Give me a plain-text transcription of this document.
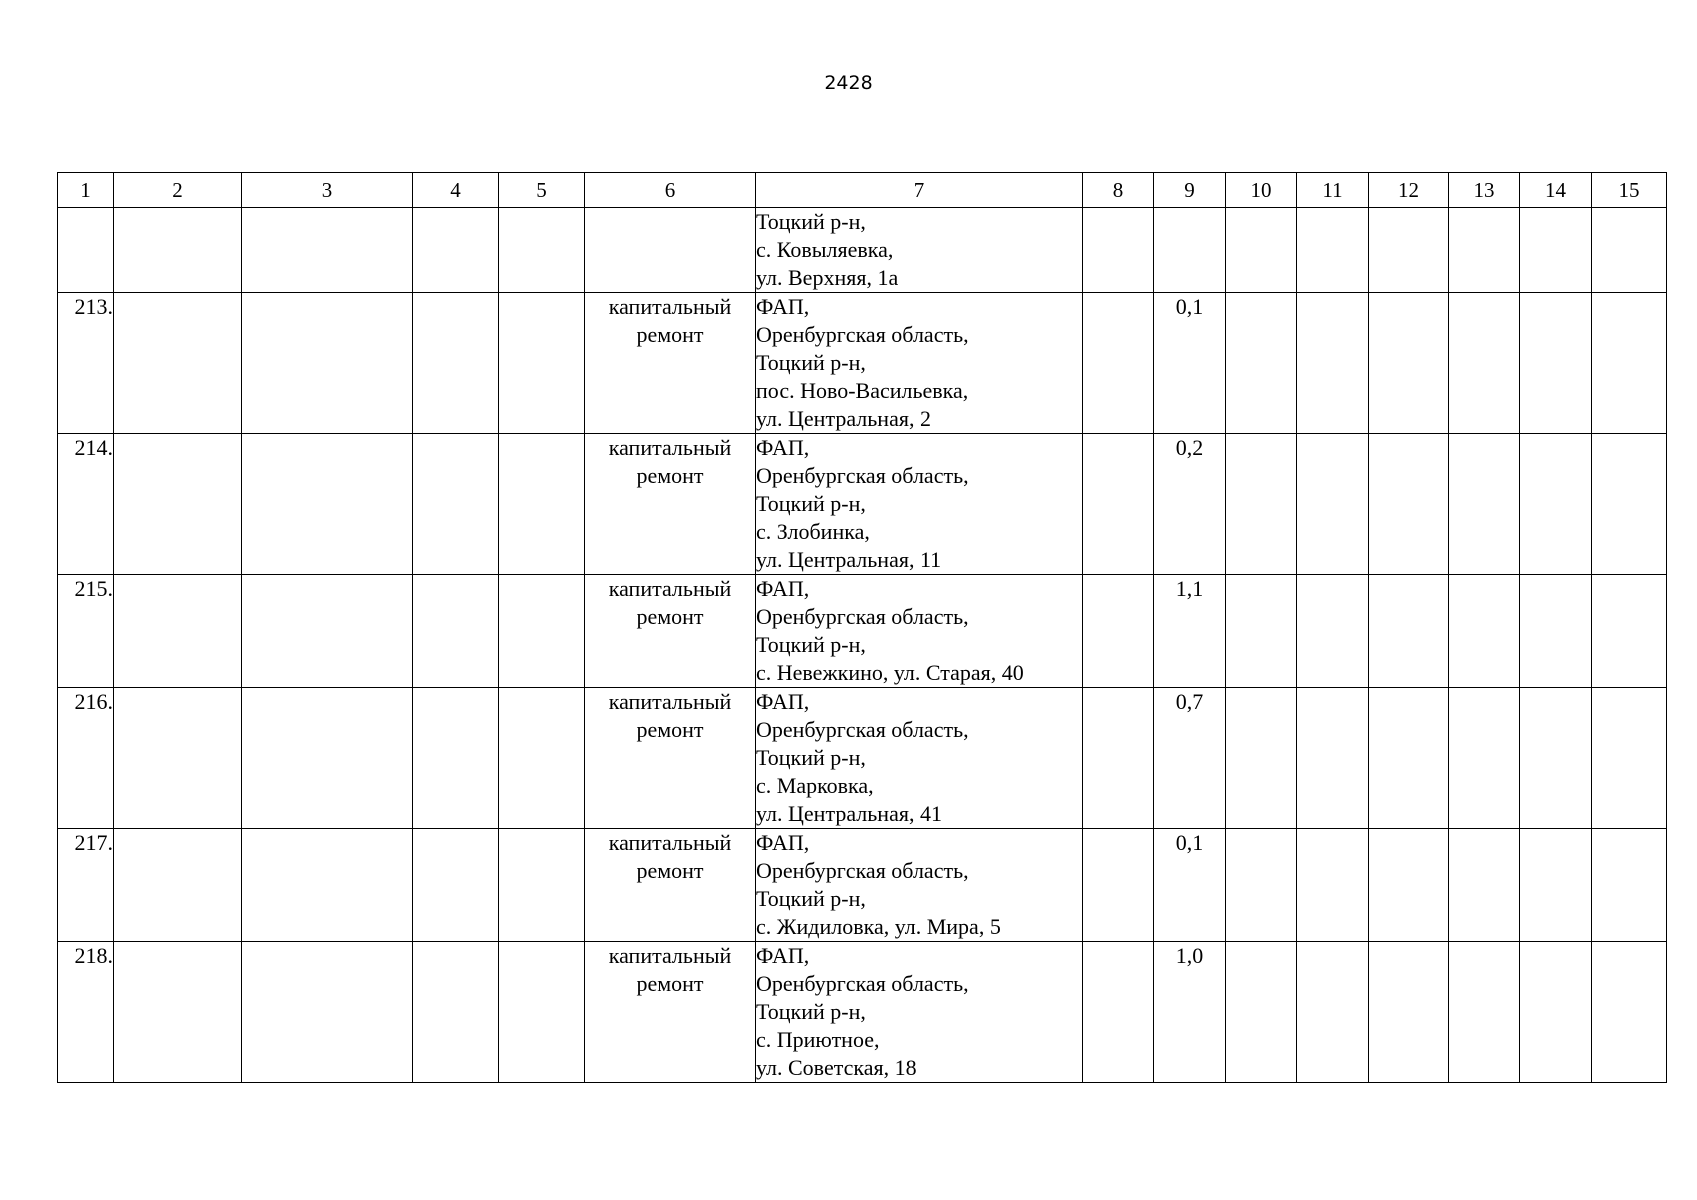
2428
1	2	3	4	5	6	7	8	9	10	11	12	13	14	15

						Тоцкий р-н,
с. Ковыляевка,
ул. Верхняя, 1а								

213.					капитальный
ремонт	ФАП,
Оренбургская область,
Тоцкий р-н,
пос. Ново-Васильевка,
ул. Центральная, 2		0,1						
214.					капитальный
ремонт	ФАП,
Оренбургская область,
Тоцкий р-н,
с. Злобинка,
ул. Центральная, 11		0,2						
215.					капитальный
ремонт	ФАП,
Оренбургская область,
Тоцкий р-н,
с. Невежкино, ул. Старая, 40		1,1						
216.					капитальный
ремонт	ФАП,
Оренбургская область,
Тоцкий р-н,
с. Марковка,
ул. Центральная, 41		0,7						
217.					капитальный
ремонт	ФАП,
Оренбургская область,
Тоцкий р-н,
с. Жидиловка, ул. Мира, 5		0,1						
218.					капитальный
ремонт	ФАП,
Оренбургская область,
Тоцкий р-н,
с. Приютное,
ул. Советская, 18		1,0						
